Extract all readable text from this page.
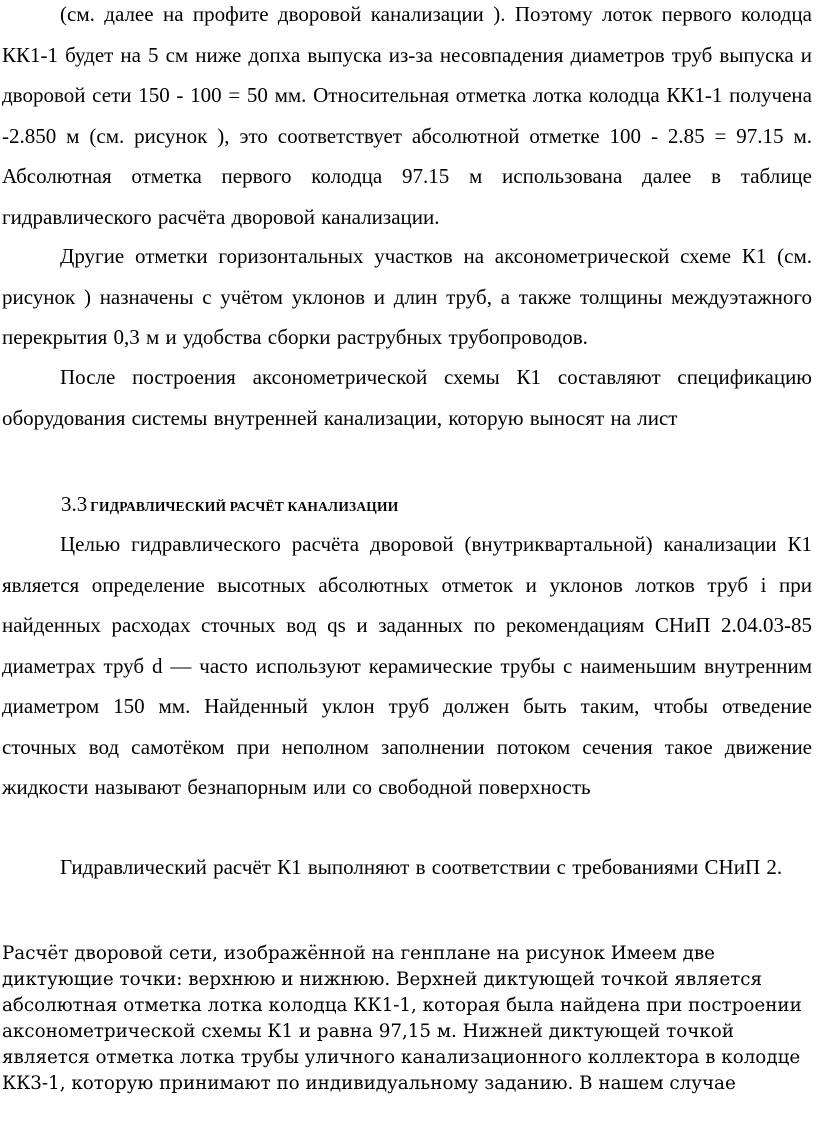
(см. далее на профите дворовой канализации ). Поэтому лоток первого колодца КК1-1 будет на 5 см ниже допха выпуска из-за несовпадения диаметров труб выпуска и дворовой сети 150 - 100 = 50 мм. Относительная отметка лотка колодца КК1-1 получена -2.850 м (см. рисунок ), это соответствует абсолютной отметке 100 - 2.85 = 97.15 м. Абсолютная отметка первого колодца 97.15 м использована далее в таблице гидравлического расчёта дворовой канализации.

Другие отметки горизонтальных участков на аксонометрической схеме К1 (см. рисунок ) назначены с учётом уклонов и длин труб, а также толщины междуэтажного перекрытия 0,3 м и удобства сборки раструбных трубопроводов.

После построения аксонометрической схемы К1 составляют спецификацию оборудования системы внутренней канализации, которую выносят на лист

3.3 ГИДРАВЛИЧЕСКИЙ РАСЧЁТ КАНАЛИЗАЦИИ

Целью гидравлического расчёта дворовой (внутриквартальной) канализации К1 является определение высотных абсолютных отметок и уклонов лотков труб i при найденных расходах сточных вод qs и заданных по рекомендациям СНиП 2.04.03-85 диаметрах труб d — часто используют керамические трубы с наименьшим внутренним диаметром 150 мм. Найденный уклон труб должен быть таким, чтобы отведение сточных вод самотёком при неполном заполнении потоком сечения такое движение жидкости называют безнапорным или со свободной поверхность

Гидравлический расчёт К1 выполняют в соответствии с требованиями СНиП 2.

Расчёт дворовой сети, изображённой на генплане на рисунок Имеем две диктующие точки: верхнюю и нижнюю. Верхней диктующей точкой является абсолютная отметка лотка колодца КК1-1, которая была найдена при построении аксонометрической схемы К1 и равна 97,15 м. Нижней диктующей точкой является отметка лотка трубы уличного канализационного коллектора в колодце КК3-1, которую принимают по индивидуальному заданию. В нашем случае
